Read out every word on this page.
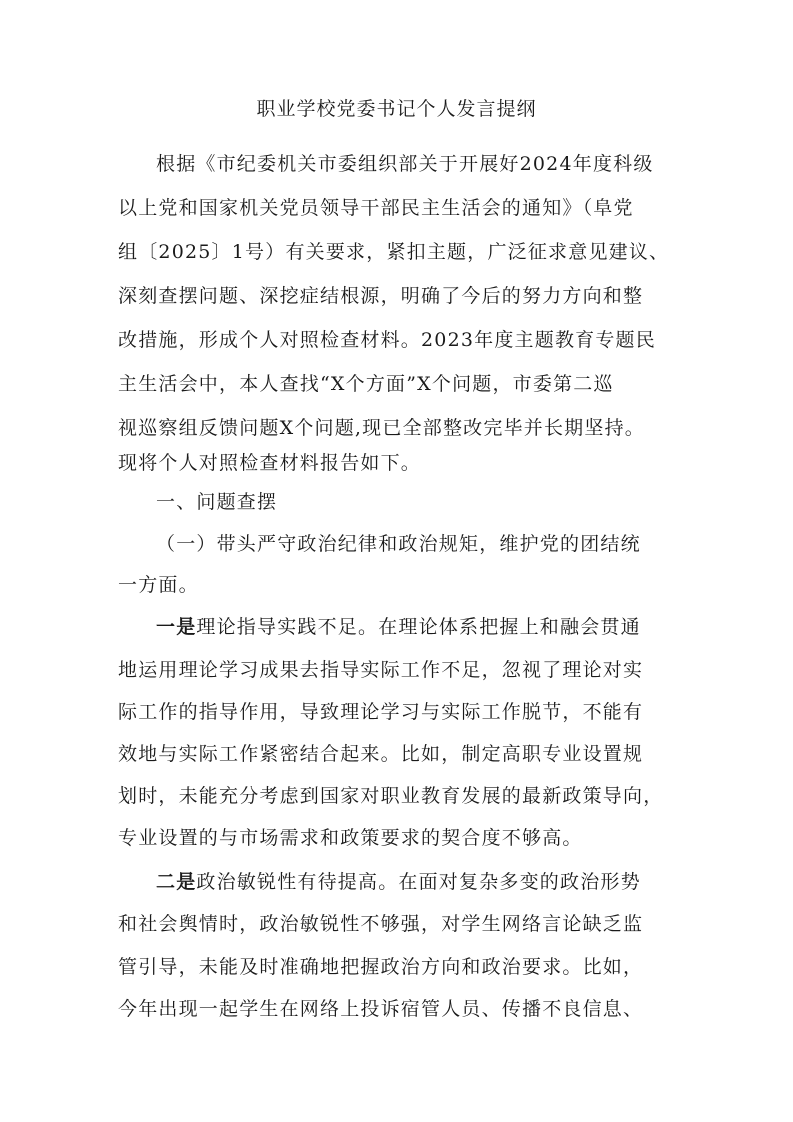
职业学校党委书记个人发言提纲
根据《市纪委机关市委组织部关于开展好2024年度科级
以上党和国家机关党员领导干部民主生活会的通知》（阜党
组〔2025〕1号）有关要求，紧扣主题，广泛征求意见建议、
深刻查摆问题、深挖症结根源，明确了今后的努力方向和整
改措施，形成个人对照检查材料。2023年度主题教育专题民
主生活会中，本人查找“X个方面”X个问题，市委第二巡
视巡察组反馈问题X个问题,现已全部整改完毕并长期坚持。
现将个人对照检查材料报告如下。
一、问题查摆
（一）带头严守政治纪律和政治规矩，维护党的团结统
一方面。
一是理论指导实践不足。在理论体系把握上和融会贯通
地运用理论学习成果去指导实际工作不足，忽视了理论对实
际工作的指导作用，导致理论学习与实际工作脱节，不能有
效地与实际工作紧密结合起来。比如，制定高职专业设置规
划时，未能充分考虑到国家对职业教育发展的最新政策导向，
专业设置的与市场需求和政策要求的契合度不够高。
二是政治敏锐性有待提高。在面对复杂多变的政治形势
和社会舆情时，政治敏锐性不够强，对学生网络言论缺乏监
管引导，未能及时准确地把握政治方向和政治要求。比如，
今年出现一起学生在网络上投诉宿管人员、传播不良信息、
